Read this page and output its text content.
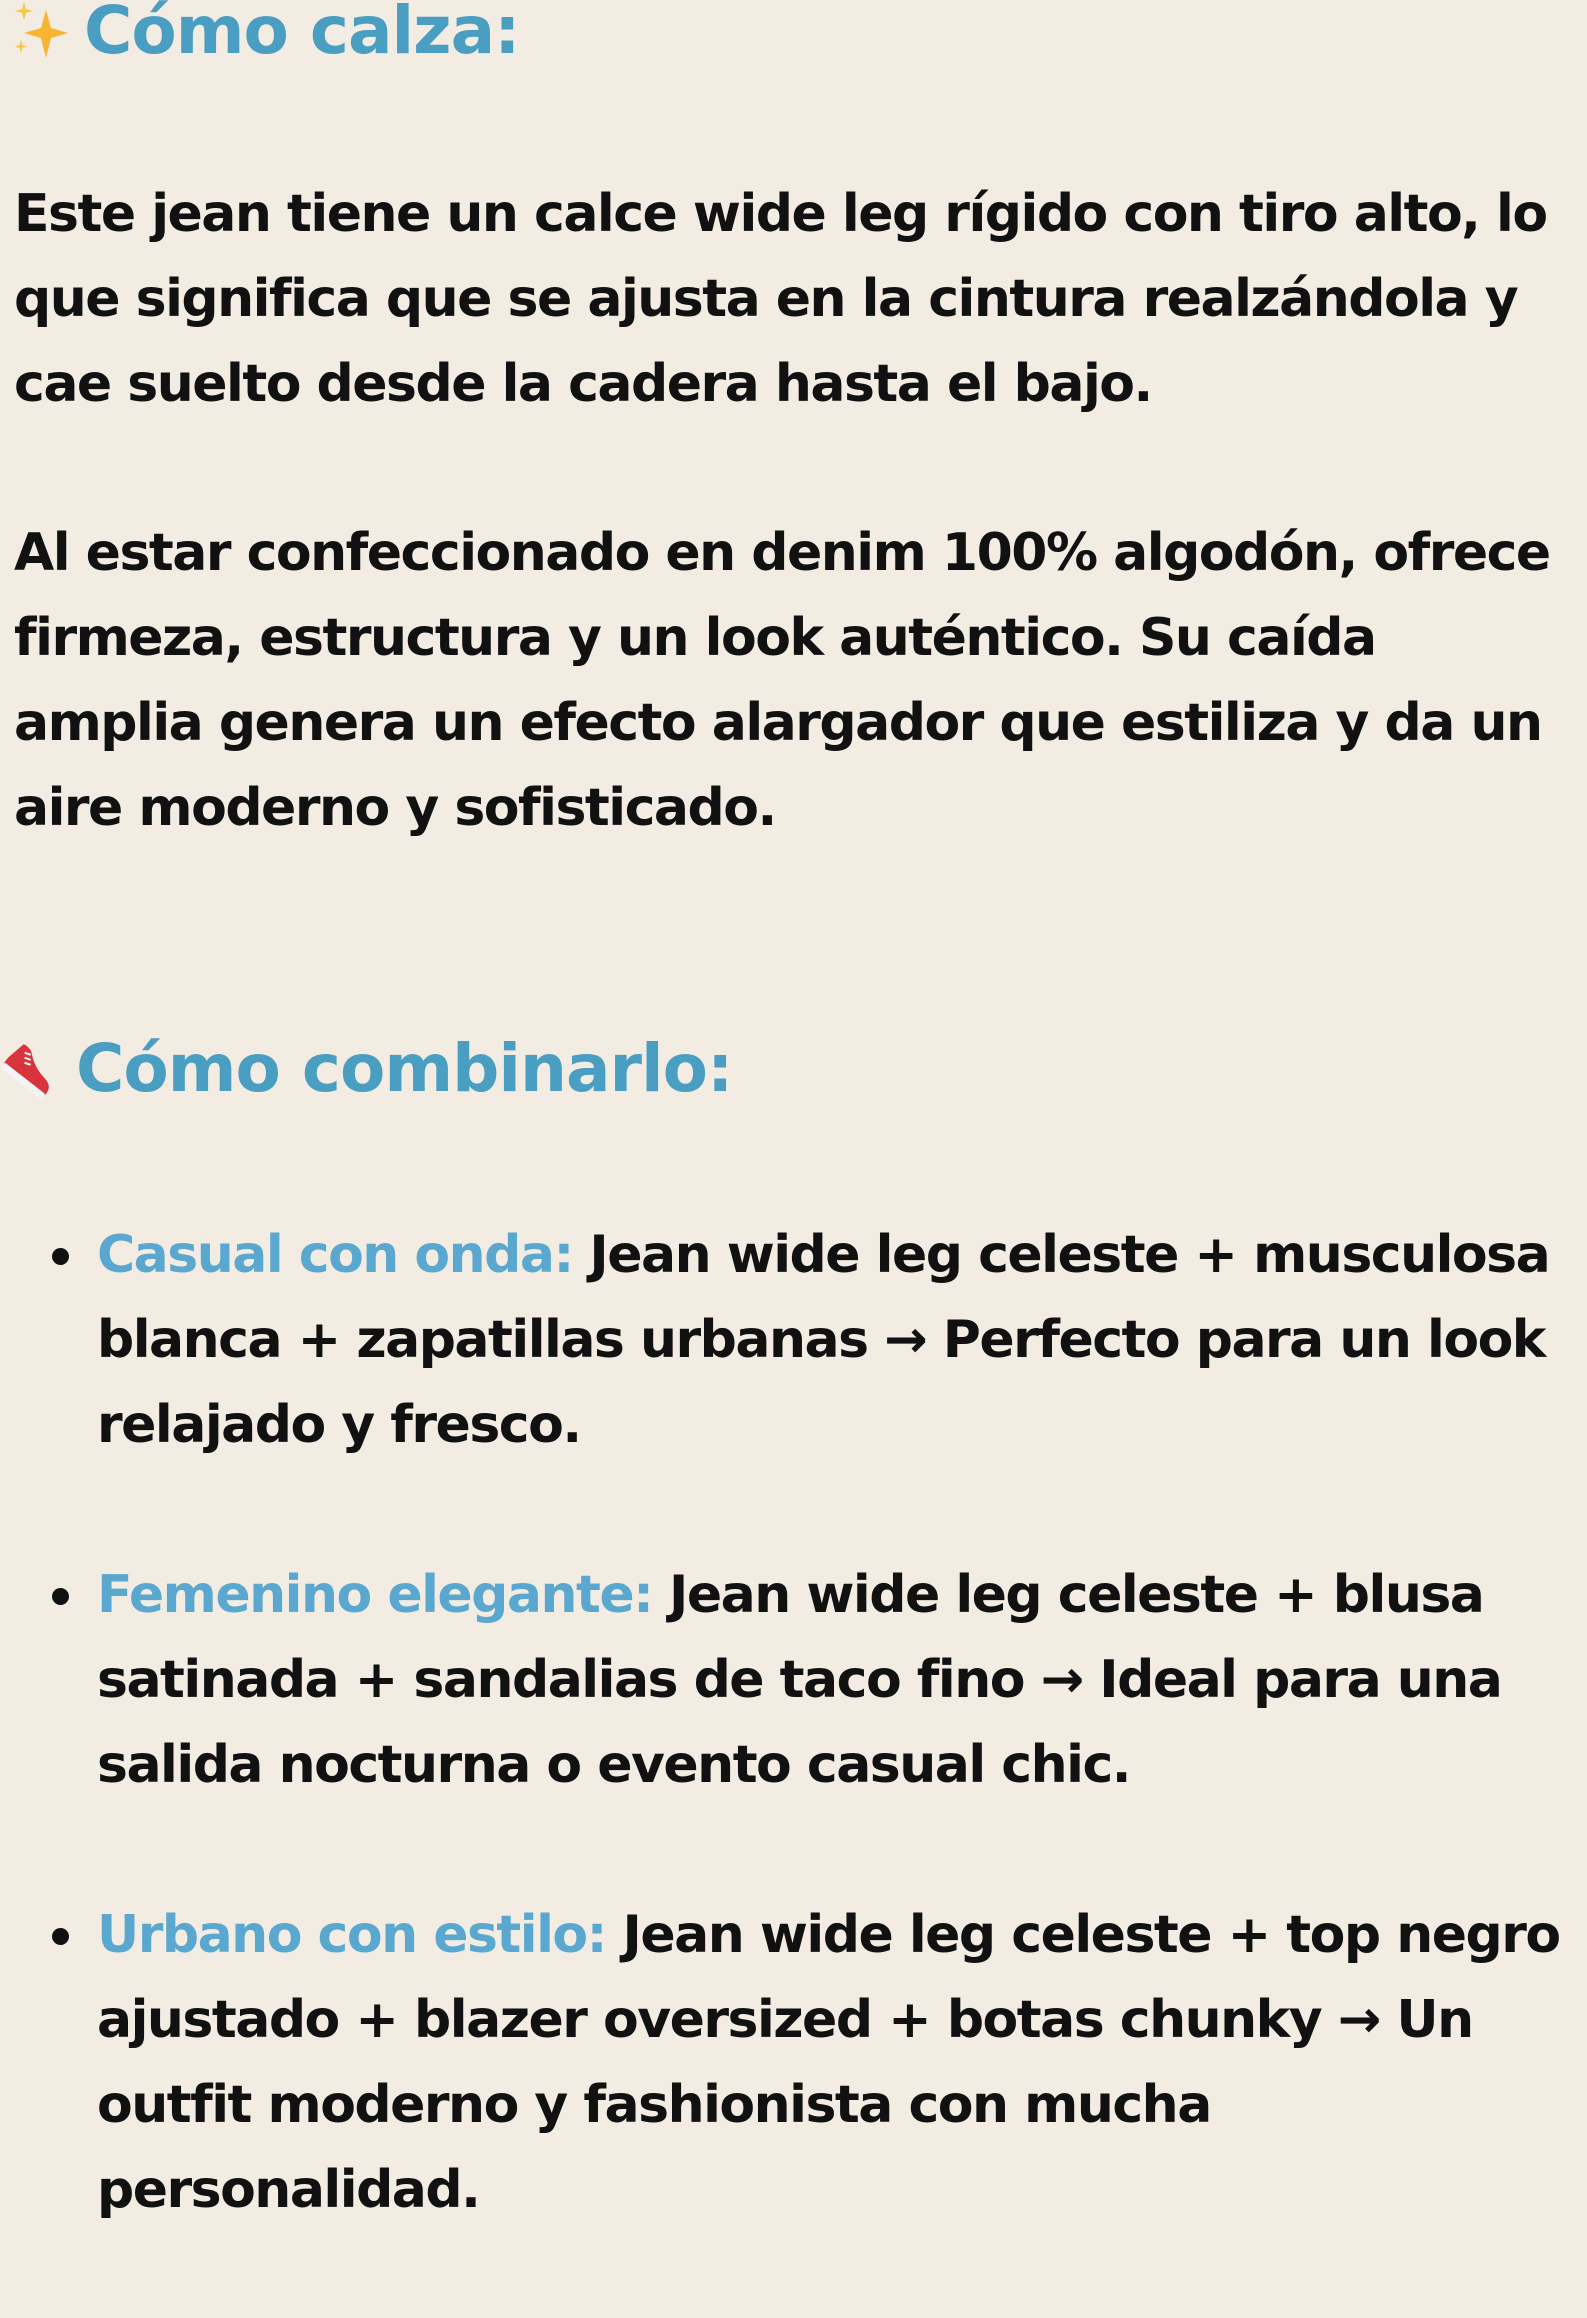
Cómo calza:

Este jean tiene un calce wide leg rígido con tiro alto, lo que significa que se ajusta en la cintura realzándola y cae suelto desde la cadera hasta el bajo.

Al estar confeccionado en denim 100% algodón, ofrece firmeza, estructura y un look auténtico. Su caída amplia genera un efecto alargador que estiliza y da un aire moderno y sofisticado.

Cómo combinarlo:
Casual con onda: Jean wide leg celeste + musculosa blanca + zapatillas urbanas → Perfecto para un look relajado y fresco.
Femenino elegante: Jean wide leg celeste + blusa satinada + sandalias de taco fino → Ideal para una salida nocturna o evento casual chic.
Urbano con estilo: Jean wide leg celeste + top negro ajustado + blazer oversized + botas chunky → Un outfit moderno y fashionista con mucha personalidad.
